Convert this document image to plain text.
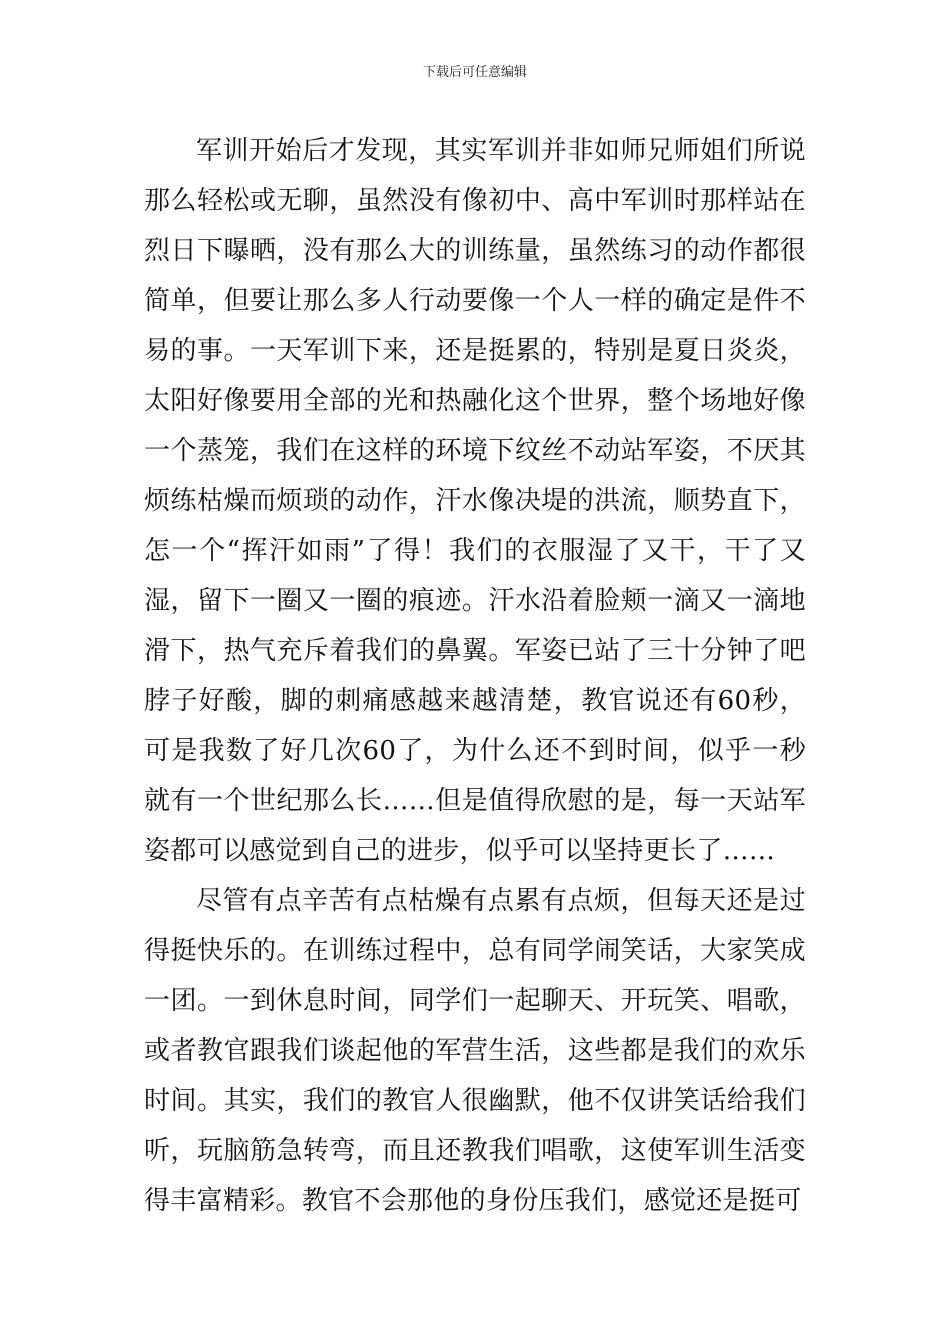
下载后可任意编辑

军训开始后才发现，其实军训并非如师兄师姐们所说那么轻松或无聊，虽然没有像初中、高中军训时那样站在烈日下曝晒，没有那么大的训练量，虽然练习的动作都很简单，但要让那么多人行动要像一个人一样的确定是件不易的事。一天军训下来，还是挺累的，特别是夏日炎炎，太阳好像要用全部的光和热融化这个世界，整个场地好像一个蒸笼，我们在这样的环境下纹丝不动站军姿，不厌其烦练枯燥而烦琐的动作，汗水像决堤的洪流，顺势直下，怎一个“挥汗如雨”了得！我们的衣服湿了又干，干了又湿，留下一圈又一圈的痕迹。汗水沿着脸颊一滴又一滴地滑下，热气充斥着我们的鼻翼。军姿已站了三十分钟了吧脖子好酸，脚的刺痛感越来越清楚，教官说还有60秒，可是我数了好几次60了，为什么还不到时间，似乎一秒就有一个世纪那么长……但是值得欣慰的是，每一天站军姿都可以感觉到自己的进步，似乎可以坚持更长了……

尽管有点辛苦有点枯燥有点累有点烦，但每天还是过得挺快乐的。在训练过程中，总有同学闹笑话，大家笑成一团。一到休息时间，同学们一起聊天、开玩笑、唱歌，或者教官跟我们谈起他的军营生活，这些都是我们的欢乐时间。其实，我们的教官人很幽默，他不仅讲笑话给我们听，玩脑筋急转弯，而且还教我们唱歌，这使军训生活变得丰富精彩。教官不会那他的身份压我们，感觉还是挺可
